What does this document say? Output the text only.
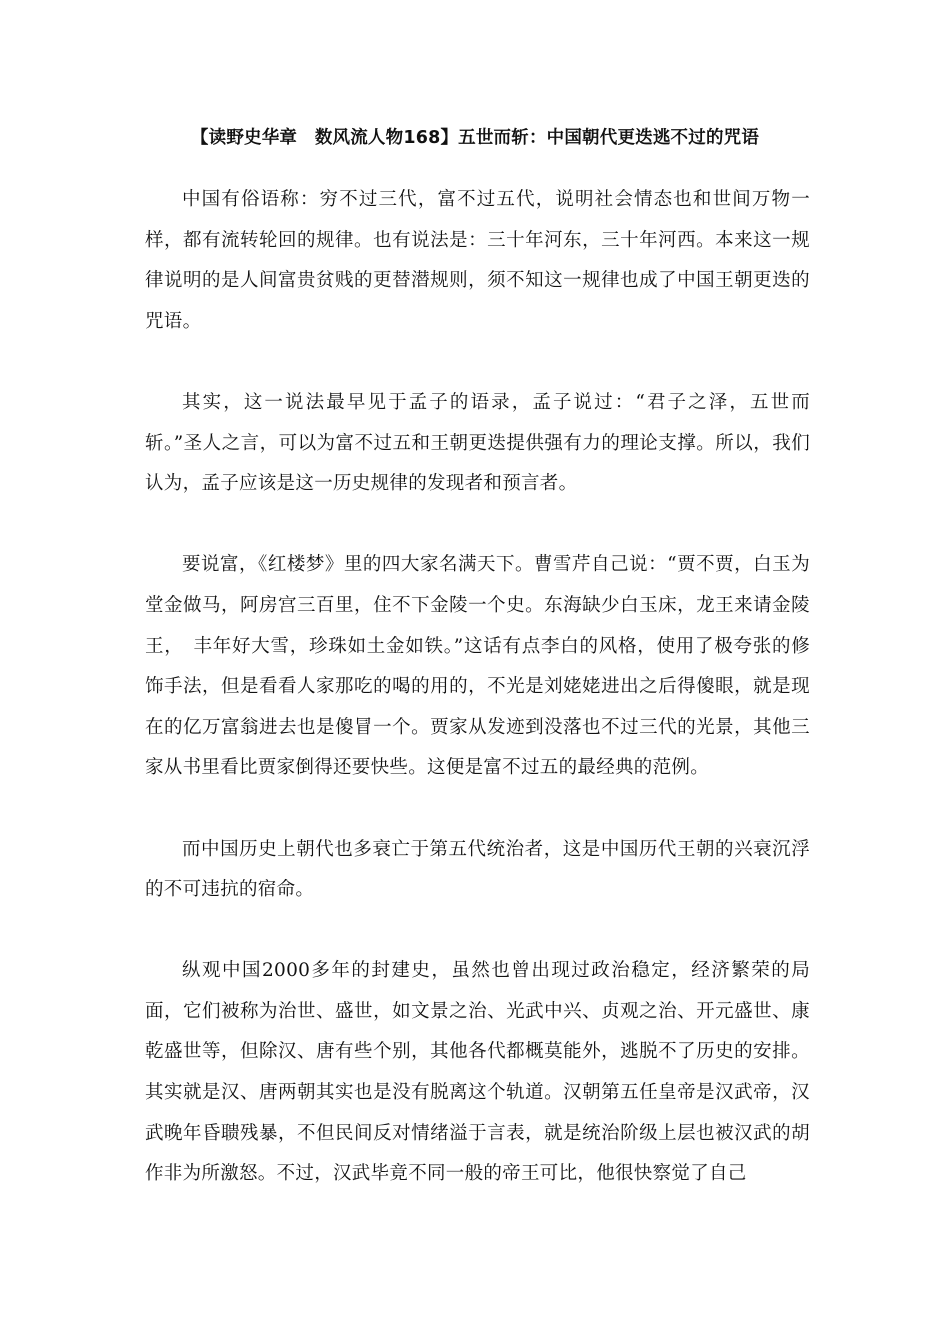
【读野史华章　数风流人物168】五世而斩：中国朝代更迭逃不过的咒语

中国有俗语称：穷不过三代，富不过五代，说明社会情态也和世间万物一样，都有流转轮回的规律。也有说法是：三十年河东，三十年河西。本来这一规律说明的是人间富贵贫贱的更替潜规则，须不知这一规律也成了中国王朝更迭的咒语。

其实，这一说法最早见于孟子的语录，孟子说过：“君子之泽，五世而斩。”圣人之言，可以为富不过五和王朝更迭提供强有力的理论支撑。所以，我们认为，孟子应该是这一历史规律的发现者和预言者。

要说富，《红楼梦》里的四大家名满天下。曹雪芹自己说：“贾不贾，白玉为堂金做马，阿房宫三百里，住不下金陵一个史。东海缺少白玉床，龙王来请金陵王，　丰年好大雪，珍珠如土金如铁。”这话有点李白的风格，使用了极夸张的修饰手法，但是看看人家那吃的喝的用的，不光是刘姥姥进出之后得傻眼，就是现在的亿万富翁进去也是傻冒一个。贾家从发迹到没落也不过三代的光景，其他三家从书里看比贾家倒得还要快些。这便是富不过五的最经典的范例。

而中国历史上朝代也多衰亡于第五代统治者，这是中国历代王朝的兴衰沉浮的不可违抗的宿命。

纵观中国2000多年的封建史，虽然也曾出现过政治稳定，经济繁荣的局面，它们被称为治世、盛世，如文景之治、光武中兴、贞观之治、开元盛世、康乾盛世等，但除汉、唐有些个别，其他各代都概莫能外，逃脱不了历史的安排。其实就是汉、唐两朝其实也是没有脱离这个轨道。汉朝第五任皇帝是汉武帝，汉武晚年昏聩残暴，不但民间反对情绪溢于言表，就是统治阶级上层也被汉武的胡作非为所激怒。不过，汉武毕竟不同一般的帝王可比，他很快察觉了自己
